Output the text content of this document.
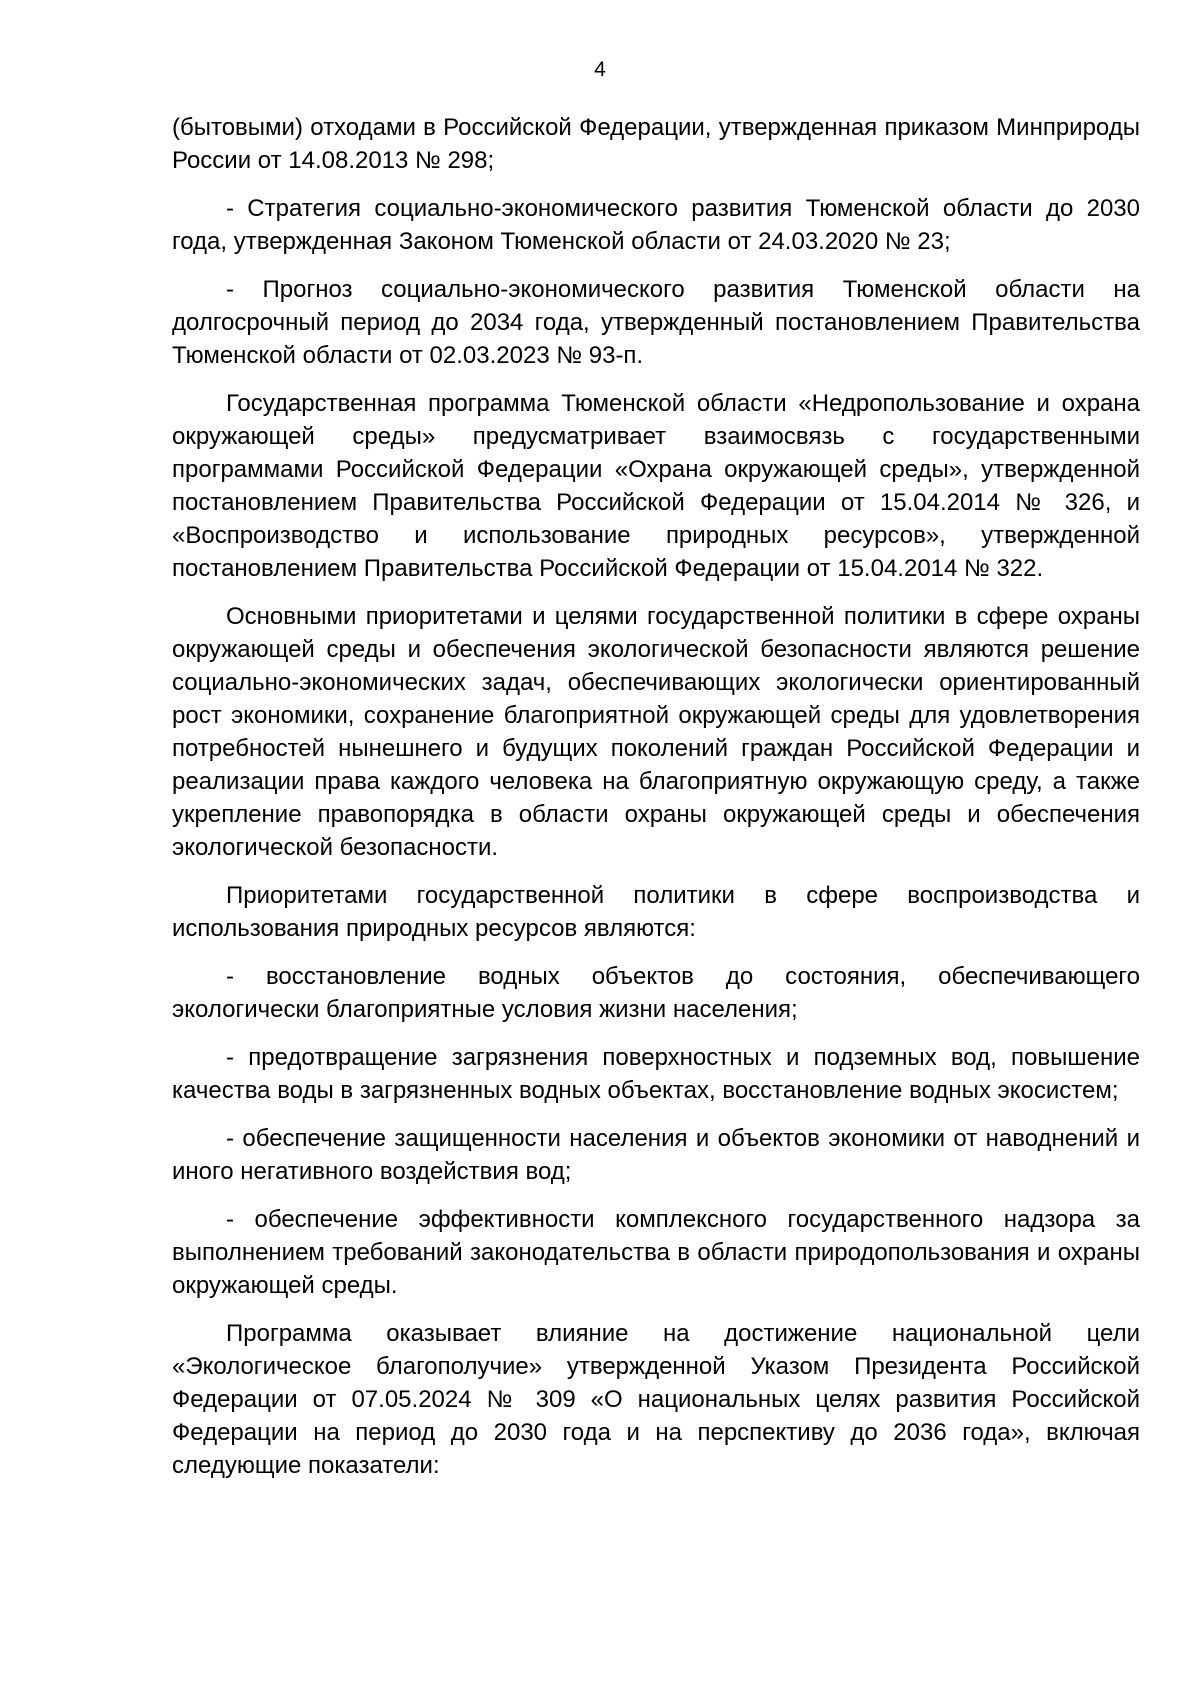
4

(бытовыми) отходами в Российской Федерации, утвержденная приказом Минприроды России от 14.08.2013 № 298;

- Стратегия социально-экономического развития Тюменской области до 2030 года, утвержденная Законом Тюменской области от 24.03.2020 № 23;

- Прогноз социально-экономического развития Тюменской области на долгосрочный период до 2034 года, утвержденный постановлением Правительства Тюменской области от 02.03.2023 № 93-п.

Государственная программа Тюменской области «Недропользование и охрана окружающей среды» предусматривает взаимосвязь с государственными программами Российской Федерации «Охрана окружающей среды», утвержденной постановлением Правительства Российской Федерации от 15.04.2014 № 326, и «Воспроизводство и использование природных ресурсов», утвержденной постановлением Правительства Российской Федерации от 15.04.2014 № 322.

Основными приоритетами и целями государственной политики в сфере охраны окружающей среды и обеспечения экологической безопасности являются решение социально-экономических задач, обеспечивающих экологически ориентированный рост экономики, сохранение благоприятной окружающей среды для удовлетворения потребностей нынешнего и будущих поколений граждан Российской Федерации и реализации права каждого человека на благоприятную окружающую среду, а также укрепление правопорядка в области охраны окружающей среды и обеспечения экологической безопасности.

Приоритетами государственной политики в сфере воспроизводства и использования природных ресурсов являются:

- восстановление водных объектов до состояния, обеспечивающего экологически благоприятные условия жизни населения;

- предотвращение загрязнения поверхностных и подземных вод, повышение качества воды в загрязненных водных объектах, восстановление водных экосистем;

- обеспечение защищенности населения и объектов экономики от наводнений и иного негативного воздействия вод;

- обеспечение эффективности комплексного государственного надзора за выполнением требований законодательства в области природопользования и охраны окружающей среды.

Программа оказывает влияние на достижение национальной цели «Экологическое благополучие» утвержденной Указом Президента Российской Федерации от 07.05.2024 № 309 «О национальных целях развития Российской Федерации на период до 2030 года и на перспективу до 2036 года», включая следующие показатели:
